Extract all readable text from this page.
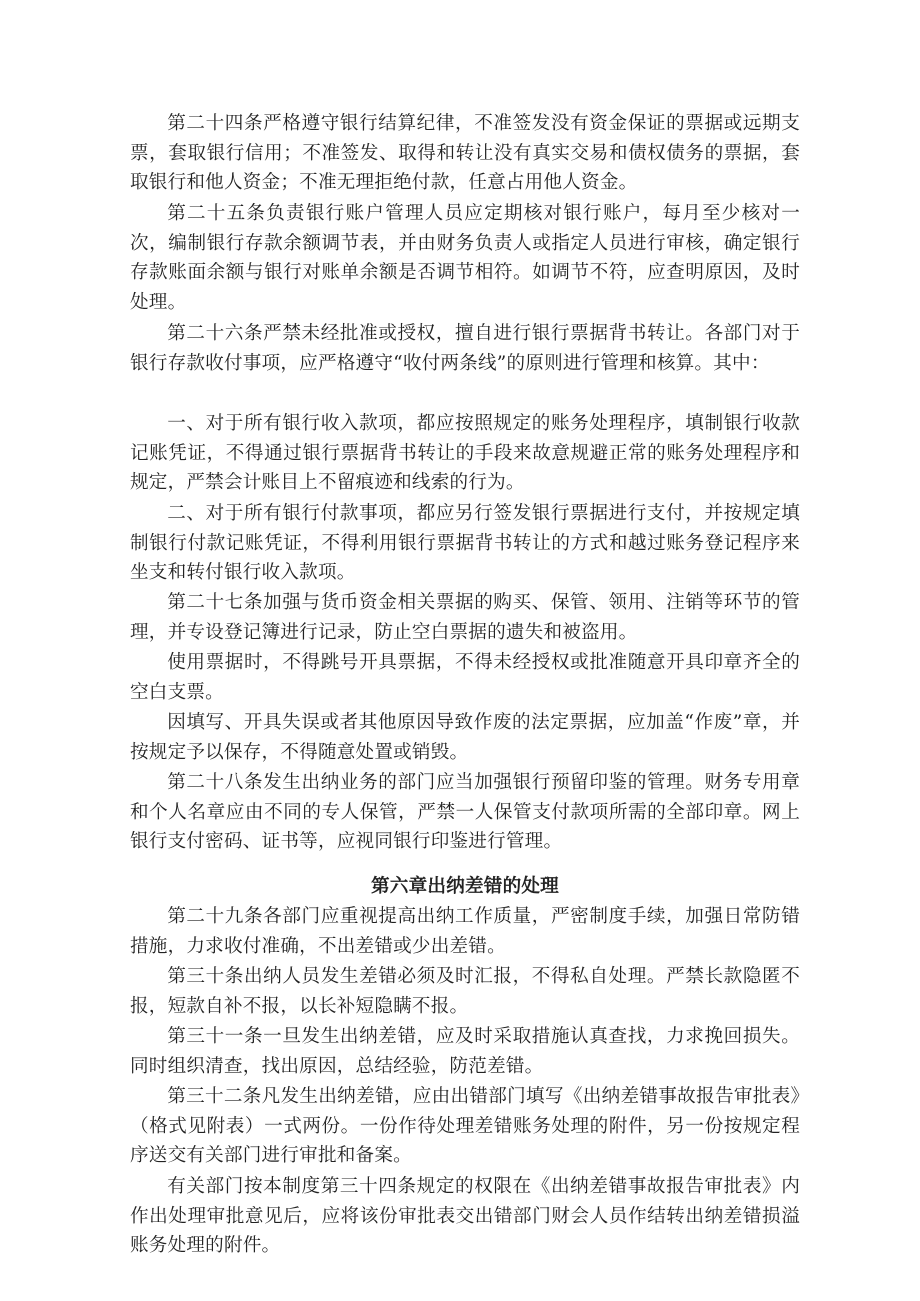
第二十四条严格遵守银行结算纪律，不准签发没有资金保证的票据或远期支票，套取银行信用；不准签发、取得和转让没有真实交易和债权债务的票据，套取银行和他人资金；不准无理拒绝付款，任意占用他人资金。

第二十五条负责银行账户管理人员应定期核对银行账户，每月至少核对一次，编制银行存款余额调节表，并由财务负责人或指定人员进行审核，确定银行存款账面余额与银行对账单余额是否调节相符。如调节不符，应查明原因，及时处理。

第二十六条严禁未经批准或授权，擅自进行银行票据背书转让。各部门对于银行存款收付事项，应严格遵守“收付两条线”的原则进行管理和核算。其中：

一、对于所有银行收入款项，都应按照规定的账务处理程序，填制银行收款记账凭证，不得通过银行票据背书转让的手段来故意规避正常的账务处理程序和规定，严禁会计账目上不留痕迹和线索的行为。

二、对于所有银行付款事项，都应另行签发银行票据进行支付，并按规定填制银行付款记账凭证，不得利用银行票据背书转让的方式和越过账务登记程序来坐支和转付银行收入款项。

第二十七条加强与货币资金相关票据的购买、保管、领用、注销等环节的管理，并专设登记簿进行记录，防止空白票据的遗失和被盗用。

使用票据时，不得跳号开具票据，不得未经授权或批准随意开具印章齐全的空白支票。

因填写、开具失误或者其他原因导致作废的法定票据，应加盖“作废”章，并按规定予以保存，不得随意处置或销毁。

第二十八条发生出纳业务的部门应当加强银行预留印鉴的管理。财务专用章和个人名章应由不同的专人保管，严禁一人保管支付款项所需的全部印章。网上银行支付密码、证书等，应视同银行印鉴进行管理。

第六章出纳差错的处理

第二十九条各部门应重视提高出纳工作质量，严密制度手续，加强日常防错措施，力求收付准确，不出差错或少出差错。

第三十条出纳人员发生差错必须及时汇报，不得私自处理。严禁长款隐匿不报，短款自补不报，以长补短隐瞒不报。

第三十一条一旦发生出纳差错，应及时采取措施认真查找，力求挽回损失。同时组织清查，找出原因，总结经验，防范差错。

第三十二条凡发生出纳差错，应由出错部门填写《出纳差错事故报告审批表》（格式见附表）一式两份。一份作待处理差错账务处理的附件，另一份按规定程序送交有关部门进行审批和备案。

有关部门按本制度第三十四条规定的权限在《出纳差错事故报告审批表》内作出处理审批意见后，应将该份审批表交出错部门财会人员作结转出纳差错损溢账务处理的附件。
